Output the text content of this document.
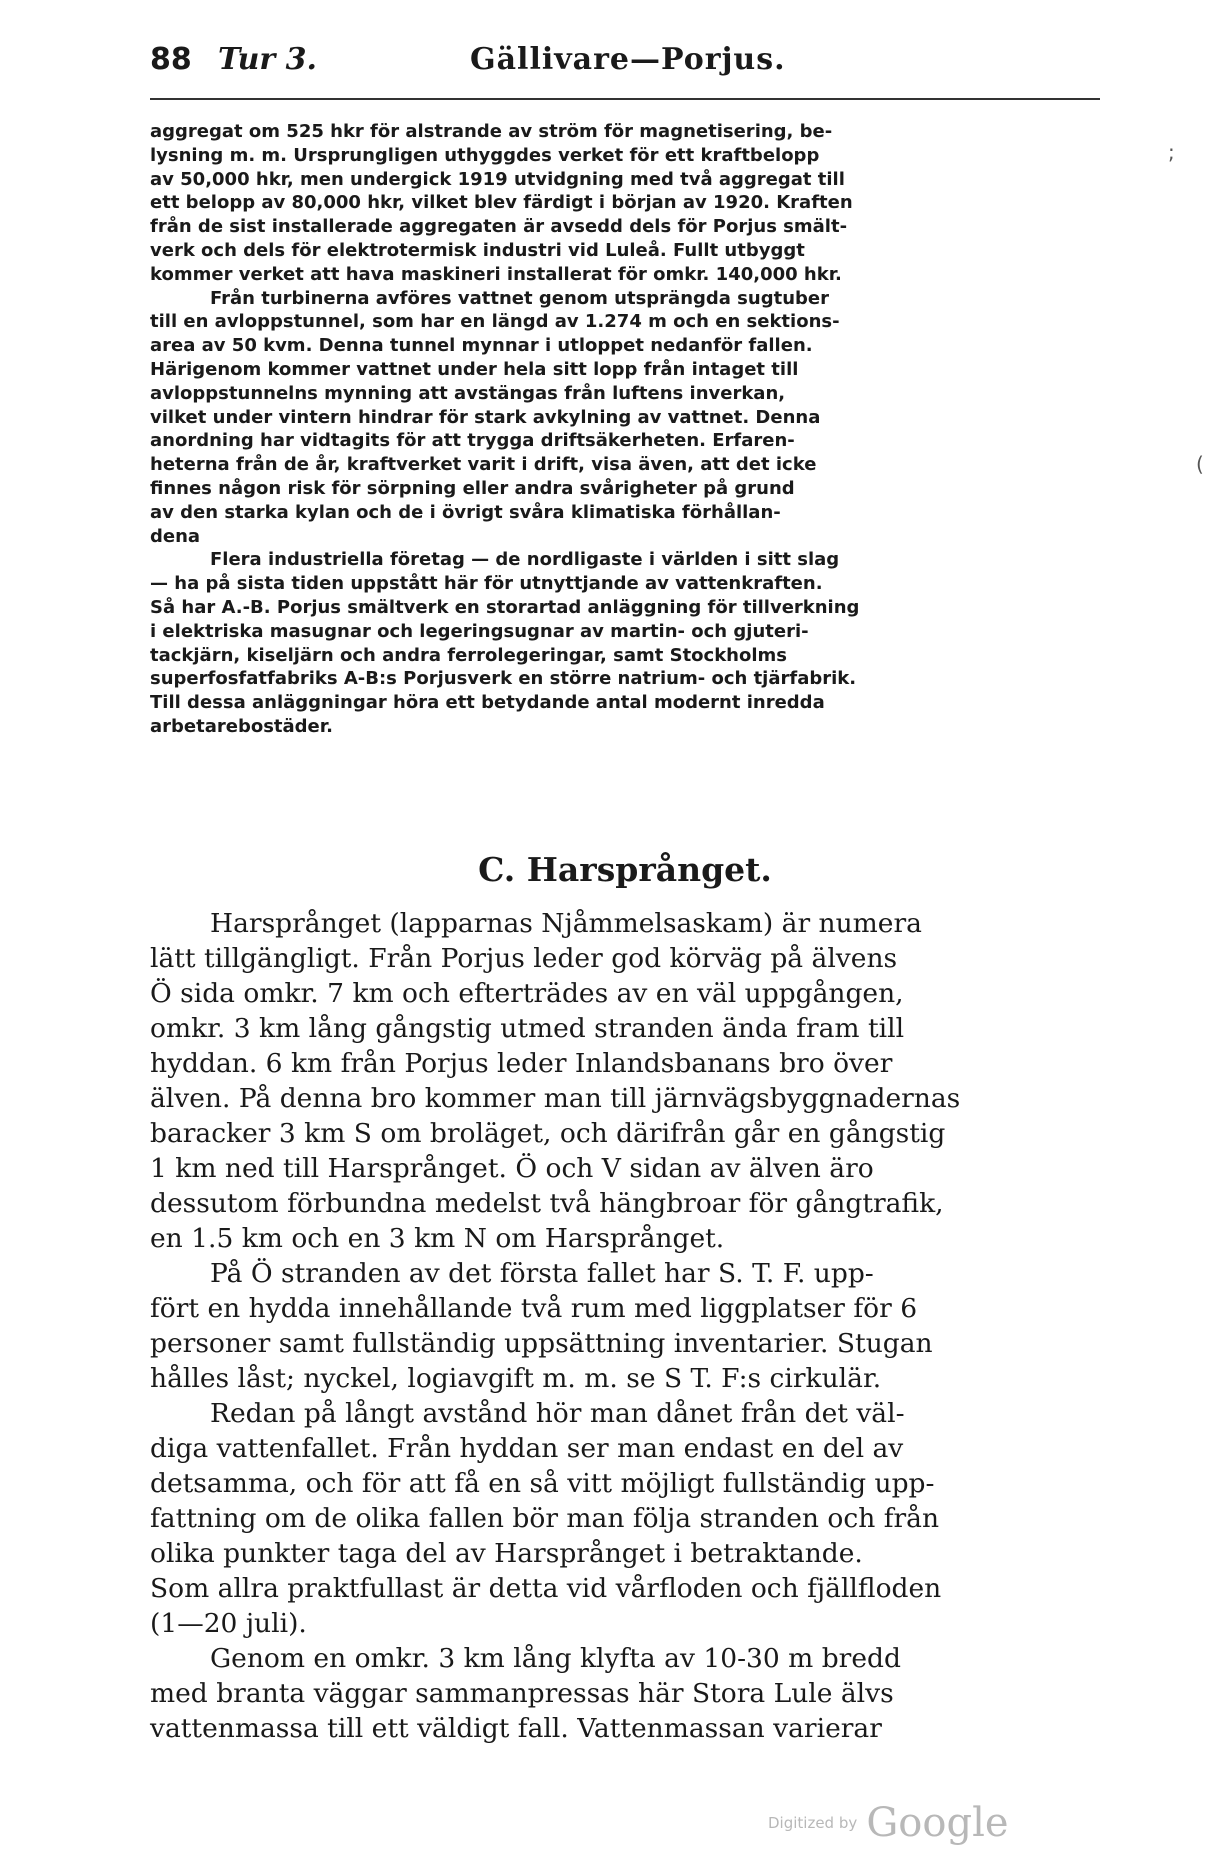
88 Tur 3.	Gällivare—Porjus.
aggregat om 525 hkr för alstrande av ström för magnetisering, be-
lysning m. m. Ursprungligen uthyggdes verket för ett kraftbelopp
av 50,000 hkr, men undergick 1919 utvidgning med två aggregat till
ett belopp av 80,000 hkr, vilket blev färdigt i början av 1920. Kraften
från de sist installerade aggregaten är avsedd dels för Porjus smält-
verk och dels för elektrotermisk industri vid Luleå. Fullt utbyggt
kommer verket att hava maskineri installerat för omkr. 140,000 hkr.
Från turbinerna avföres vattnet genom utsprängda sugtuber
till en avloppstunnel, som har en längd av 1.274 m och en sektions-
area av 50 kvm. Denna tunnel mynnar i utloppet nedanför fallen.
Härigenom kommer vattnet under hela sitt lopp från intaget till
avloppstunnelns mynning att avstängas från luftens inverkan,
vilket under vintern hindrar för stark avkylning av vattnet. Denna
anordning har vidtagits för att trygga driftsäkerheten. Erfaren-
heterna från de år, kraftverket varit i drift, visa även, att det icke
finnes någon risk för sörpning eller andra svårigheter på grund
av den starka kylan och de i övrigt svåra klimatiska förhållan-
dena
Flera industriella företag — de nordligaste i världen i sitt slag
— ha på sista tiden uppstått här för utnyttjande av vattenkraften.
Så har A.-B. Porjus smältverk en storartad anläggning för tillverkning
i elektriska masugnar och legeringsugnar av martin- och gjuteri-
tackjärn, kiseljärn och andra ferrolegeringar, samt Stockholms
superfosfatfabriks A-B:s Porjusverk en större natrium- och tjärfabrik.
Till dessa anläggningar höra ett betydande antal modernt inredda
arbetarebostäder.
C. Harsprånget.
Harsprånget (lapparnas Njåmmelsaskam) är numera
lätt tillgängligt. Från Porjus leder god körväg på älvens
Ö sida omkr. 7 km och efterträdes av en väl uppgången,
omkr. 3 km lång gångstig utmed stranden ända fram till
hyddan. 6 km från Porjus leder Inlandsbanans bro över
älven. På denna bro kommer man till järnvägsbyggnadernas
baracker 3 km S om broläget, och därifrån går en gångstig
1 km ned till Harsprånget. Ö och V sidan av älven äro
dessutom förbundna medelst två hängbroar för gångtrafik,
en 1.5 km och en 3 km N om Harsprånget.
På Ö stranden av det första fallet har S. T. F. upp-
fört en hydda innehållande två rum med liggplatser för 6
personer samt fullständig uppsättning inventarier. Stugan
hålles låst; nyckel, logiavgift m. m. se S T. F:s cirkulär.
Redan på långt avstånd hör man dånet från det väl-
diga vattenfallet. Från hyddan ser man endast en del av
detsamma, och för att få en så vitt möjligt fullständig upp-
fattning om de olika fallen bör man följa stranden och från
olika punkter taga del av Harsprånget i betraktande.
Som allra praktfullast är detta vid vårfloden och fjällfloden
(1—20 juli).
Genom en omkr. 3 km lång klyfta av 10-30 m bredd
med branta väggar sammanpressas här Stora Lule älvs
vattenmassa till ett väldigt fall. Vattenmassan varierar
;
(
Digitized by Google
